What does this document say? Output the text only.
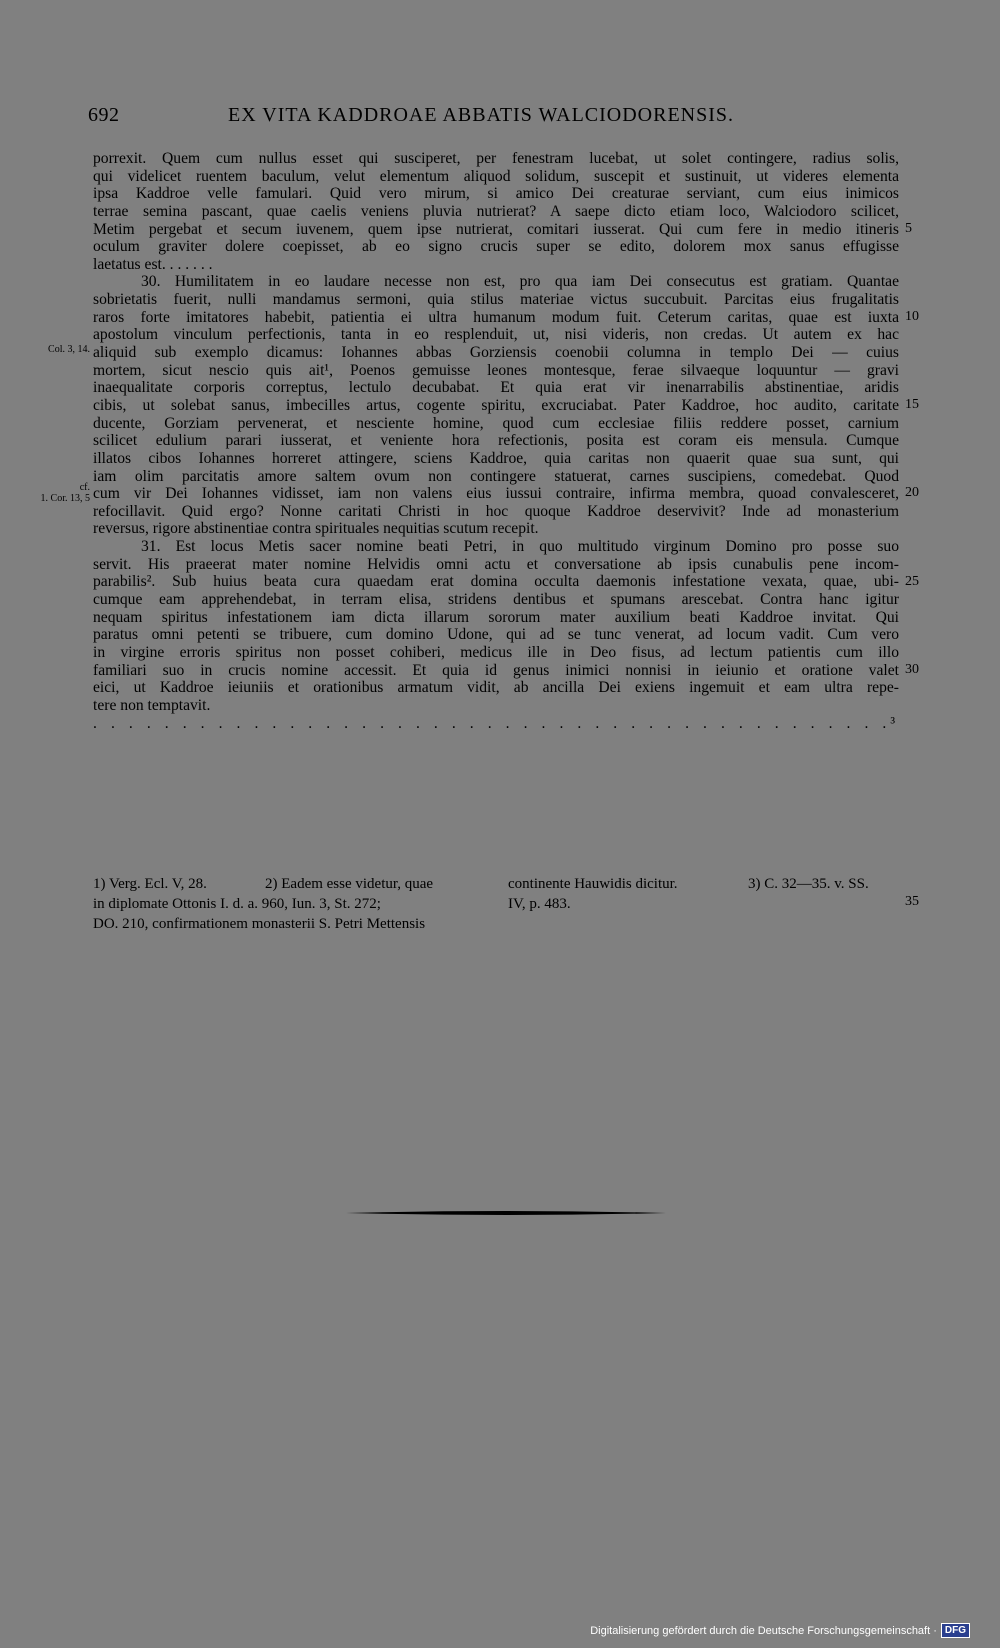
692	EX VITA KADDROAE ABBATIS WALCIODORENSIS.
Col. 3, 14.
cf.
1. Cor. 13, 5
porrexit. Quem cum nullus esset qui susciperet, per fenestram lucebat, ut solet contingere, radius solis,
qui videlicet ruentem baculum, velut elementum aliquod solidum, suscepit et sustinuit, ut videres elementa
ipsa Kaddroe velle famulari. Quid vero mirum, si amico Dei creaturae serviant, cum eius inimicos
terrae semina pascant, quae caelis veniens pluvia nutrierat? A saepe dicto etiam loco, Walciodoro scilicet,
Metim pergebat et secum iuvenem, quem ipse nutrierat, comitari iusserat. Qui cum fere in medio itineris
oculum graviter dolere coepisset, ab eo signo crucis super se edito, dolorem mox sanus effugisse
laetatus est. . . . . . .
30. Humilitatem in eo laudare necesse non est, pro qua iam Dei consecutus est gratiam. Quantae
sobrietatis fuerit, nulli mandamus sermoni, quia stilus materiae victus succubuit. Parcitas eius frugalitatis
raros forte imitatores habebit, patientia ei ultra humanum modum fuit. Ceterum caritas, quae est iuxta
apostolum vinculum perfectionis, tanta in eo resplenduit, ut, nisi videris, non credas. Ut autem ex hac
aliquid sub exemplo dicamus: Iohannes abbas Gorziensis coenobii columna in templo Dei — cuius
mortem, sicut nescio quis ait¹, Poenos gemuisse leones montesque, ferae silvaeque loquuntur — gravi
inaequalitate corporis correptus, lectulo decubabat. Et quia erat vir inenarrabilis abstinentiae, aridis
cibis, ut solebat sanus, imbecilles artus, cogente spiritu, excruciabat. Pater Kaddroe, hoc audito, caritate
ducente, Gorziam pervenerat, et nesciente homine, quod cum ecclesiae filiis reddere posset, carnium
scilicet edulium parari iusserat, et veniente hora refectionis, posita est coram eis mensula. Cumque
illatos cibos Iohannes horreret attingere, sciens Kaddroe, quia caritas non quaerit quae sua sunt, qui
iam olim parcitatis amore saltem ovum non contingere statuerat, carnes suscipiens, comedebat. Quod
cum vir Dei Iohannes vidisset, iam non valens eius iussui contraire, infirma membra, quoad convalesceret,
refocillavit. Quid ergo? Nonne caritati Christi in hoc quoque Kaddroe deservivit? Inde ad monasterium
reversus, rigore abstinentiae contra spirituales nequitias scutum recepit.
31. Est locus Metis sacer nomine beati Petri, in quo multitudo virginum Domino pro posse suo
servit. His praeerat mater nomine Helvidis omni actu et conversatione ab ipsis cunabulis pene incom-
parabilis². Sub huius beata cura quaedam erat domina occulta daemonis infestatione vexata, quae, ubi-
cumque eam apprehendebat, in terram elisa, stridens dentibus et spumans arescebat. Contra hanc igitur
nequam spiritus infestationem iam dicta illarum sororum mater auxilium beati Kaddroe invitat. Qui
paratus omni petenti se tribuere, cum domino Udone, qui ad se tunc venerat, ad locum vadit. Cum vero
in virgine erroris spiritus non posset cohiberi, medicus ille in Deo fisus, ad lectum patientis cum illo
familiari suo in crucis nomine accessit. Et quia id genus inimici nonnisi in ieiunio et oratione valet
eici, ut Kaddroe ieiuniis et orationibus armatum vidit, ab ancilla Dei exiens ingemuit et eam ultra repe-
tere non temptavit.
. . . . . . . . . . . . . . . . . . . . . . . . . . . . . . . . . . . . . . . . . . . . .³
5
10
15
20
25
30
1) Verg. Ecl. V, 28.	2) Eadem esse videtur, quae
in diplomate Ottonis I. d. a. 960, Iun. 3, St. 272;
DO. 210, confirmationem monasterii S. Petri Mettensis
continente Hauwidis dicitur.
IV, p. 483.
3) C. 32—35. v. SS.
35
Digitalisierung gefördert durch die Deutsche Forschungsgemeinschaft · DFG
